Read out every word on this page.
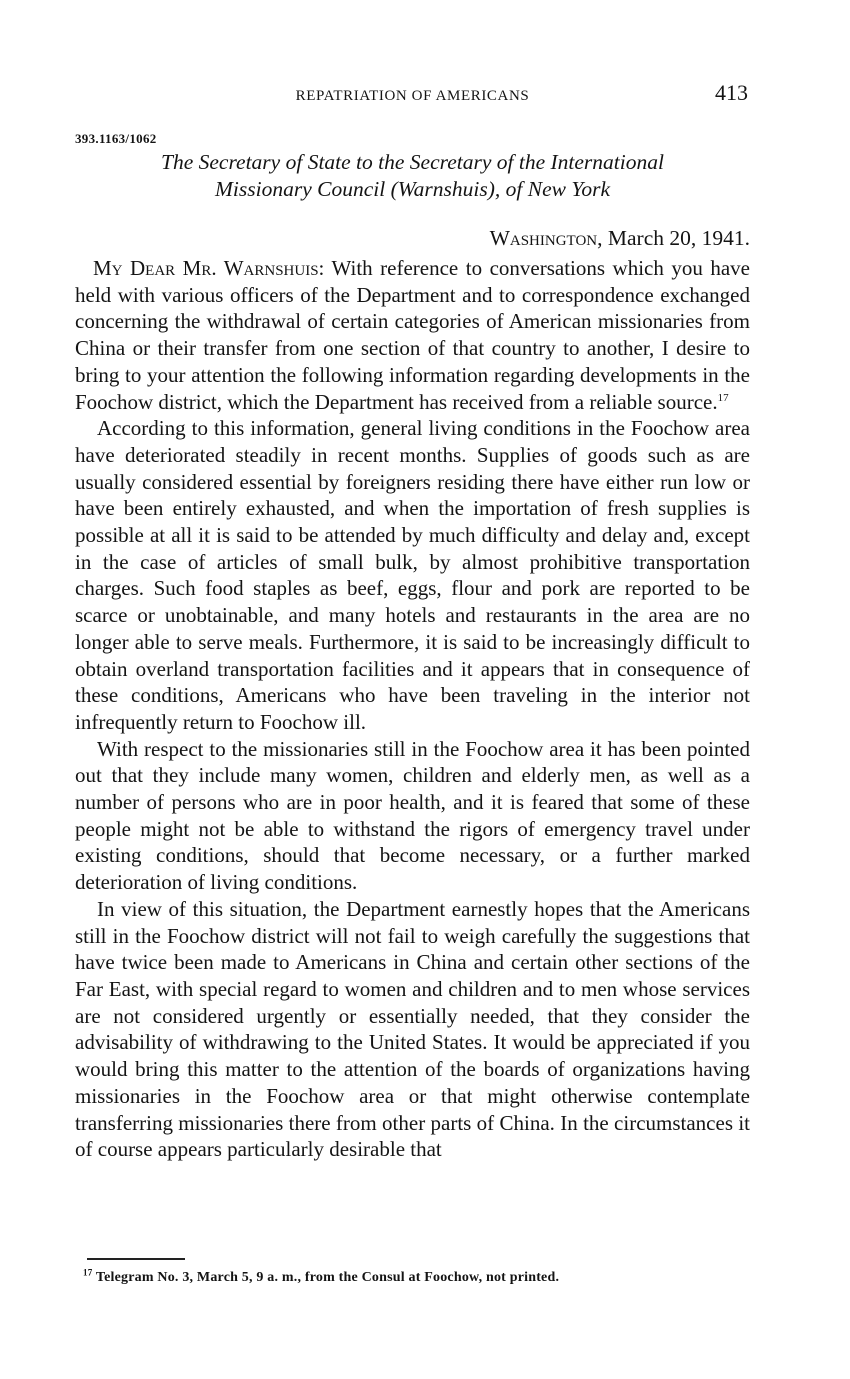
REPATRIATION OF AMERICANS	413
393.1163/1062
The Secretary of State to the Secretary of the International
Missionary Council (Warnshuis), of New York
Washington, March 20, 1941.

My Dear Mr. Warnshuis: With reference to conversations which you have held with various officers of the Department and to correspondence exchanged concerning the withdrawal of certain categories of American missionaries from China or their transfer from one section of that country to another, I desire to bring to your attention the following information regarding developments in the Foochow district, which the Department has received from a reliable source.$^{17}$

According to this information, general living conditions in the Foochow area have deteriorated steadily in recent months. Supplies of goods such as are usually considered essential by foreigners residing there have either run low or have been entirely exhausted, and when the importation of fresh supplies is possible at all it is said to be attended by much difficulty and delay and, except in the case of articles of small bulk, by almost prohibitive transportation charges. Such food staples as beef, eggs, flour and pork are reported to be scarce or unobtainable, and many hotels and restaurants in the area are no longer able to serve meals. Furthermore, it is said to be increasingly difficult to obtain overland transportation facilities and it appears that in consequence of these conditions, Americans who have been traveling in the interior not infrequently return to Foochow ill.

With respect to the missionaries still in the Foochow area it has been pointed out that they include many women, children and elderly men, as well as a number of persons who are in poor health, and it is feared that some of these people might not be able to withstand the rigors of emergency travel under existing conditions, should that become necessary, or a further marked deterioration of living conditions.

In view of this situation, the Department earnestly hopes that the Americans still in the Foochow district will not fail to weigh carefully the suggestions that have twice been made to Americans in China and certain other sections of the Far East, with special regard to women and children and to men whose services are not considered urgently or essentially needed, that they consider the advisability of withdrawing to the United States. It would be appreciated if you would bring this matter to the attention of the boards of organizations having missionaries in the Foochow area or that might otherwise contemplate transferring missionaries there from other parts of China. In the circumstances it of course appears particularly desirable that

$^{17}$ Telegram No. 3, March 5, 9 a. m., from the Consul at Foochow, not printed.
